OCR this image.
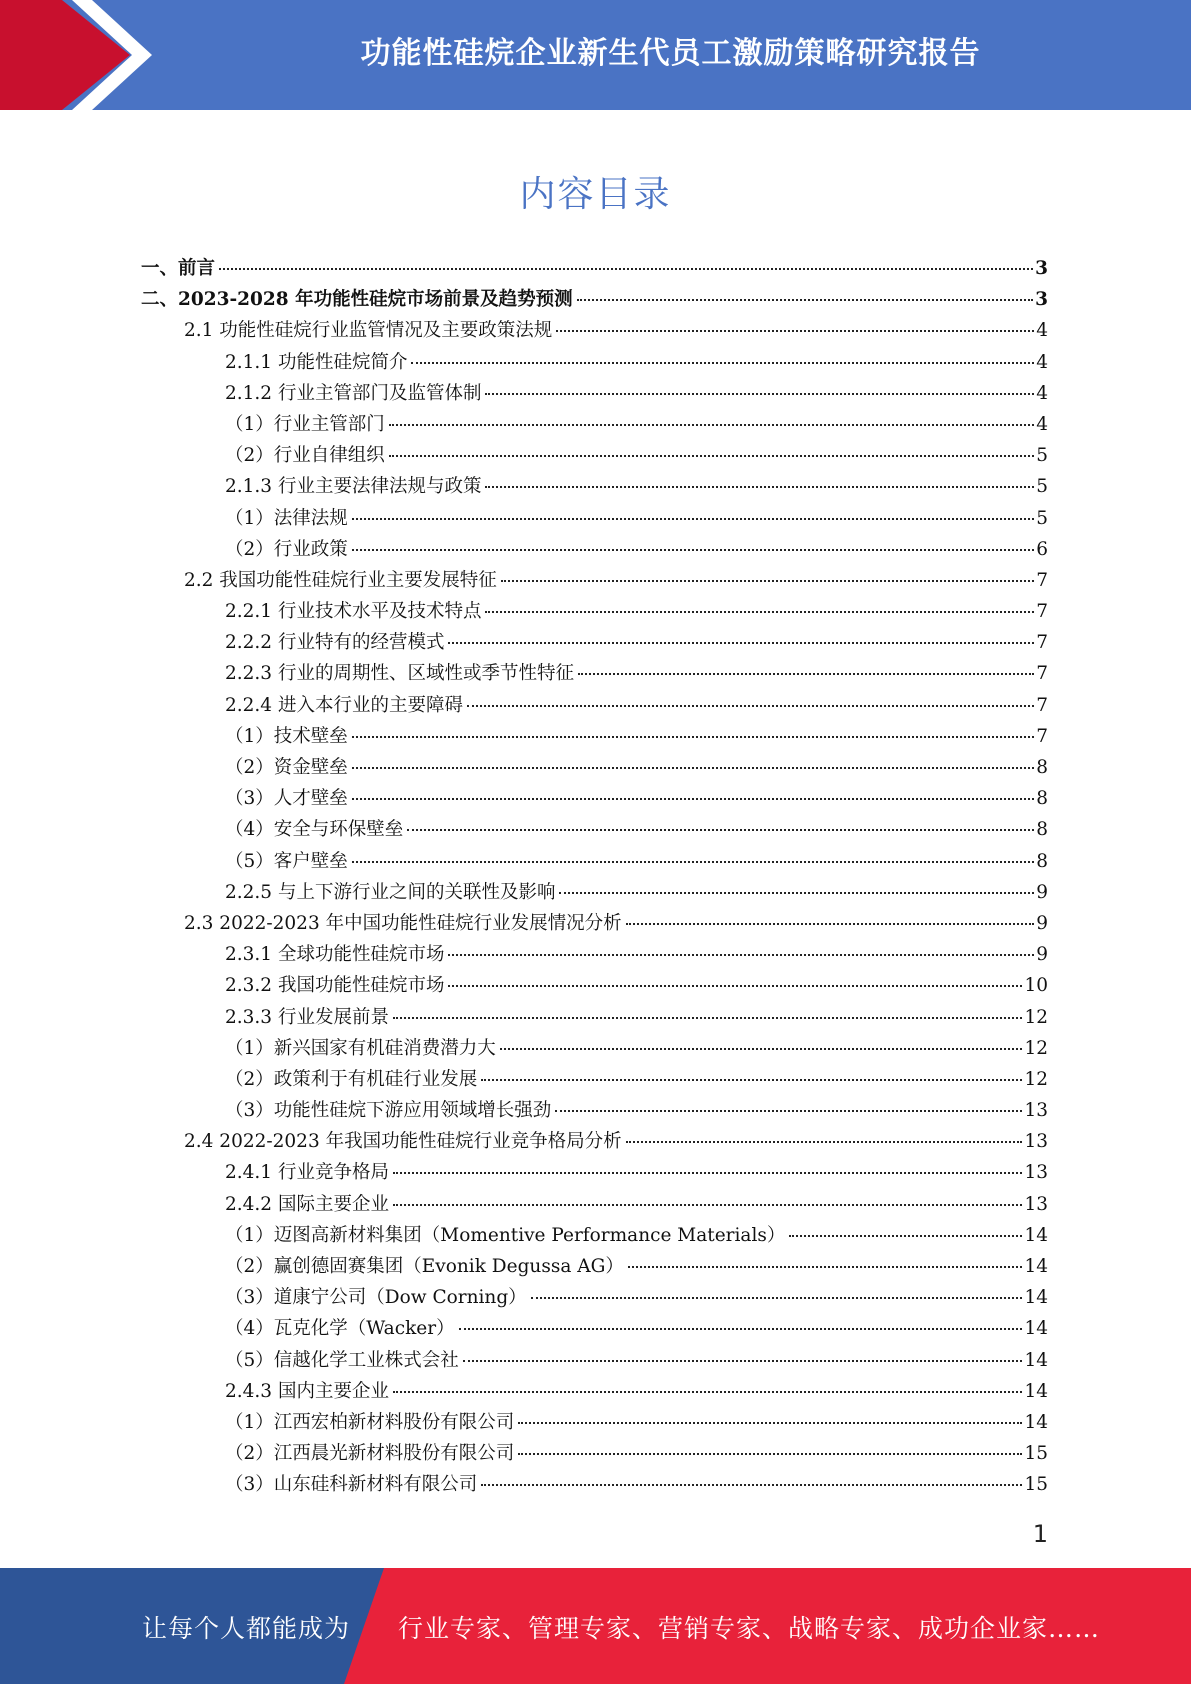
功能性硅烷企业新生代员工激励策略研究报告
内容目录
一、前言	3
二、2023-2028 年功能性硅烷市场前景及趋势预测	3
2.1 功能性硅烷行业监管情况及主要政策法规	4
2.1.1 功能性硅烷简介	4
2.1.2 行业主管部门及监管体制	4
（1）行业主管部门	4
（2）行业自律组织	5
2.1.3 行业主要法律法规与政策	5
（1）法律法规	5
（2）行业政策	6
2.2 我国功能性硅烷行业主要发展特征	7
2.2.1 行业技术水平及技术特点	7
2.2.2 行业特有的经营模式	7
2.2.3 行业的周期性、区域性或季节性特征	7
2.2.4 进入本行业的主要障碍	7
（1）技术壁垒	7
（2）资金壁垒	8
（3）人才壁垒	8
（4）安全与环保壁垒	8
（5）客户壁垒	8
2.2.5 与上下游行业之间的关联性及影响	9
2.3 2022-2023 年中国功能性硅烷行业发展情况分析	9
2.3.1 全球功能性硅烷市场	9
2.3.2 我国功能性硅烷市场	10
2.3.3 行业发展前景	12
（1）新兴国家有机硅消费潜力大	12
（2）政策利于有机硅行业发展	12
（3）功能性硅烷下游应用领域增长强劲	13
2.4 2022-2023 年我国功能性硅烷行业竞争格局分析	13
2.4.1 行业竞争格局	13
2.4.2 国际主要企业	13
（1）迈图高新材料集团（Momentive Performance Materials）	14
（2）赢创德固赛集团（Evonik Degussa AG）	14
（3）道康宁公司（Dow Corning）	14
（4）瓦克化学（Wacker）	14
（5）信越化学工业株式会社	14
2.4.3 国内主要企业	14
（1）江西宏柏新材料股份有限公司	14
（2）江西晨光新材料股份有限公司	15
（3）山东硅科新材料有限公司	15
1
让每个人都能成为 行业专家、管理专家、营销专家、战略专家、成功企业家……
